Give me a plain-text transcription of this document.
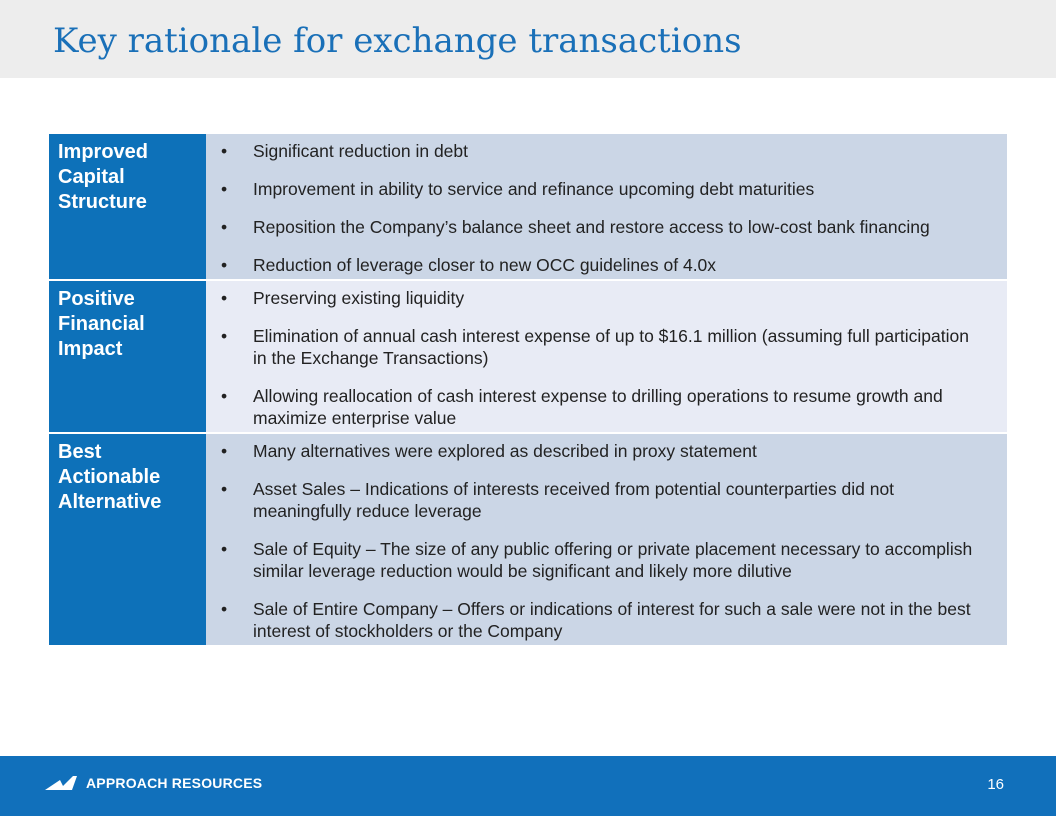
Key rationale for exchange transactions
Improved
Capital
Structure
• Significant reduction in debt
• Improvement in ability to service and refinance upcoming debt maturities
• Reposition the Company’s balance sheet and restore access to low-cost bank financing
• Reduction of leverage closer to new OCC guidelines of 4.0x
Positive
Financial
Impact
• Preserving existing liquidity
• Elimination of annual cash interest expense of up to $16.1 million (assuming full participation in the Exchange Transactions)
• Allowing reallocation of cash interest expense to drilling operations to resume growth and maximize enterprise value
Best
Actionable
Alternative
• Many alternatives were explored as described in proxy statement
• Asset Sales – Indications of interests received from potential counterparties did not meaningfully reduce leverage
• Sale of Equity – The size of any public offering or private placement necessary to accomplish similar leverage reduction would be significant and likely more dilutive
• Sale of Entire Company – Offers or indications of interest for such a sale were not in the best interest of stockholders or the Company
APPROACH RESOURCES	16
